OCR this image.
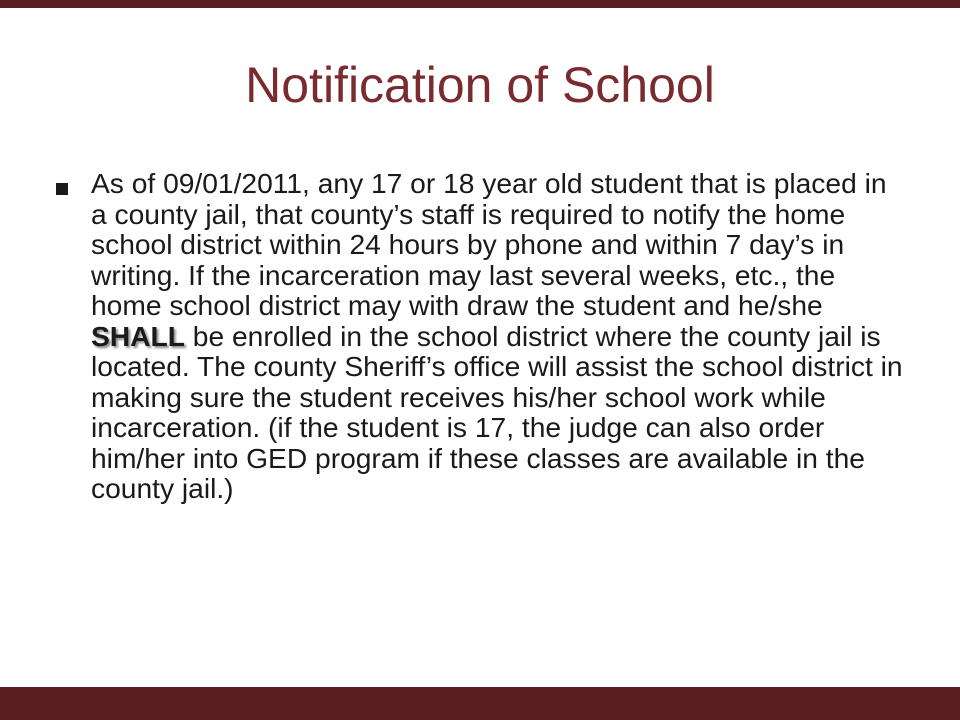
Notification of School

As of 09/01/2011, any 17 or 18 year old student that is placed in a county jail, that county’s staff is required to notify the home school district within 24 hours by phone and within 7 day’s in writing. If the incarceration may last several weeks, etc., the home school district may with draw the student and he/she SHALL be enrolled in the school district where the county jail is located. The county Sheriff’s office will assist the school district in making sure the student receives his/her school work while incarceration. (if the student is 17, the judge can also order him/her into GED program if these classes are available in the county jail.)
